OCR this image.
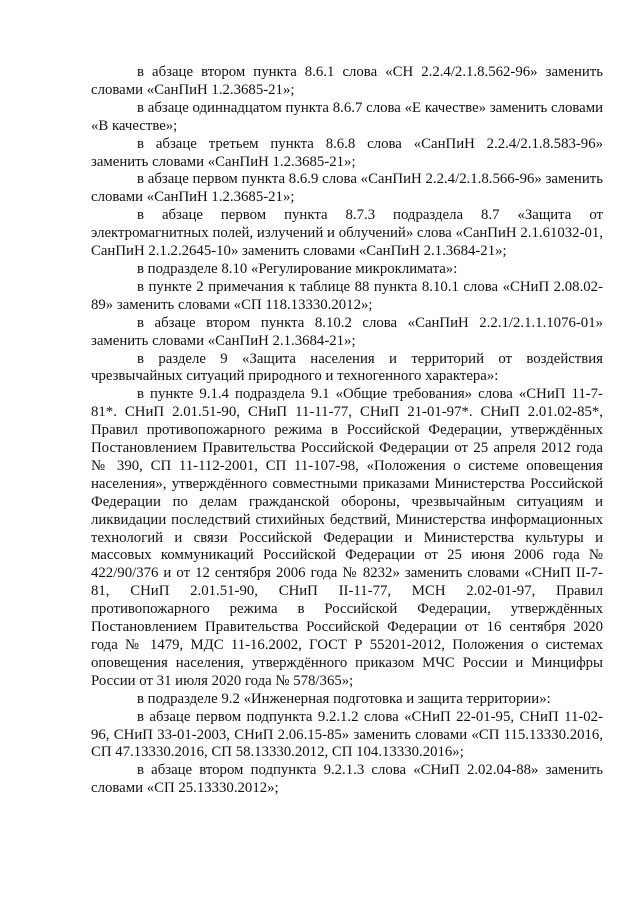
в абзаце втором пункта 8.6.1 слова «СН 2.2.4/2.1.8.562-96» заменить словами «СанПиН 1.2.3685-21»;

в абзаце одиннадцатом пункта 8.6.7 слова «Е качестве» заменить словами «В качестве»;

в абзаце третьем пункта 8.6.8 слова «СанПиН 2.2.4/2.1.8.583-96» заменить словами «СанПиН 1.2.3685-21»;

в абзаце первом пункта 8.6.9 слова «СанПиН 2.2.4/2.1.8.566-96» заменить словами «СанПиН 1.2.3685-21»;

в абзаце первом пункта 8.7.3 подраздела 8.7 «Защита от электромагнитных полей, излучений и облучений» слова «СанПиН 2.1.61032-01, СанПиН 2.1.2.2645-10» заменить словами «СанПиН 2.1.3684-21»;

в подразделе 8.10 «Регулирование микроклимата»:

в пункте 2 примечания к таблице 88 пункта 8.10.1 слова «СНиП 2.08.02-89» заменить словами «СП 118.13330.2012»;

в абзаце втором пункта 8.10.2 слова «СанПиН 2.2.1/2.1.1.1076-01» заменить словами «СанПиН 2.1.3684-21»;

в разделе 9 «Защита населения и территорий от воздействия чрезвычайных ситуаций природного и техногенного характера»:

в пункте 9.1.4 подраздела 9.1 «Общие требования» слова «СНиП 11-7-81*. СНиП 2.01.51-90, СНиП 11-11-77, СНиП 21-01-97*. СНиП 2.01.02-85*, Правил противопожарного режима в Российской Федерации, утверждённых Постановлением Правительства Российской Федерации от 25 апреля 2012 года № 390, СП 11-112-2001, СП 11-107-98, «Положения о системе оповещения населения», утверждённого совместными приказами Министерства Российской Федерации по делам гражданской обороны, чрезвычайным ситуациям и ликвидации последствий стихийных бедствий, Министерства информационных технологий и связи Российской Федерации и Министерства культуры и массовых коммуникаций Российской Федерации от 25 июня 2006 года № 422/90/376 и от 12 сентября 2006 года № 8232» заменить словами «СНиП II-7-81, СНиП 2.01.51-90, СНиП II-11-77, МСН 2.02-01-97, Правил противопожарного режима в Российской Федерации, утверждённых Постановлением Правительства Российской Федерации от 16 сентября 2020 года № 1479, МДС 11-16.2002, ГОСТ Р 55201-2012, Положения о системах оповещения населения, утверждённого приказом МЧС России и Минцифры России от 31 июля 2020 года № 578/365»;

в подразделе 9.2 «Инженерная подготовка и защита территории»:

в абзаце первом подпункта 9.2.1.2 слова «СНиП 22-01-95, СНиП 11-02-96, СНиП 33-01-2003, СНиП 2.06.15-85» заменить словами «СП 115.13330.2016, СП 47.13330.2016, СП 58.13330.2012, СП 104.13330.2016»;

в абзаце втором подпункта 9.2.1.3 слова «СНиП 2.02.04-88» заменить словами «СП 25.13330.2012»;
